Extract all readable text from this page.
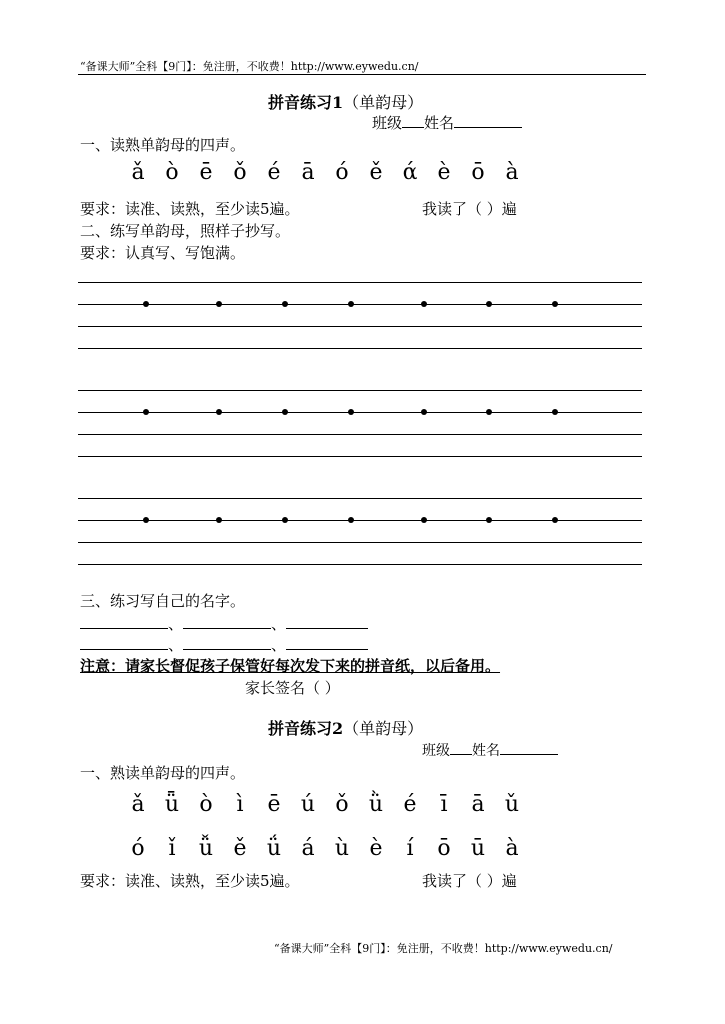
“备课大师”全科【9门】：免注册，不收费！http://www.eywedu.cn/
拼音练习1（单韵母）
班级 姓名
一、读熟单韵母的四声。
ǎ ò ē ǒ é ā ó ě ά è ō à
要求：读准、读熟，至少读5遍。	我读了（ ）遍
二、练写单韵母，照样子抄写。
要求：认真写、写饱满。
三、练习写自己的名字。
、	、
、	、
注意：请家长督促孩子保管好每次发下来的拼音纸，以后备用。
家长签名（ ）
拼音练习2（单韵母）
班级 姓名
一、熟读单韵母的四声。
ǎ ǖ ò ì ē ú ǒ ǜ é ī ā ǔ
ó ǐ ǚ ě ǘ á ù è í ō ū à
要求：读准、读熟，至少读5遍。	我读了（ ）遍
“备课大师”全科【9门】：免注册，不收费！http://www.eywedu.cn/
